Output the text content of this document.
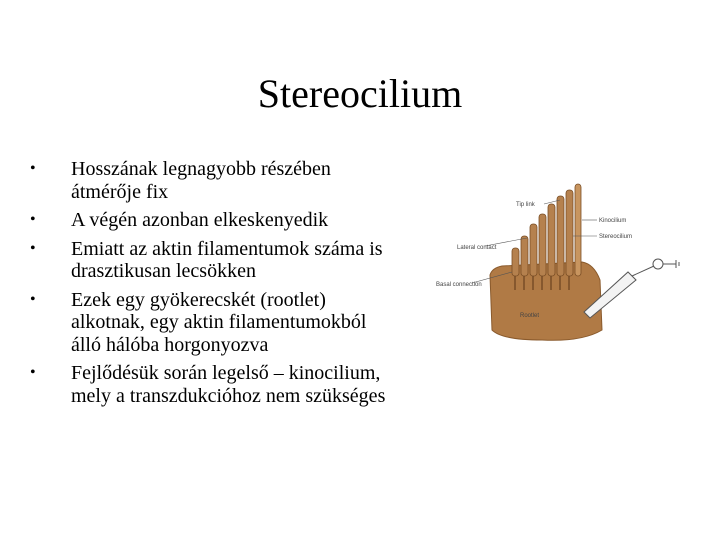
Stereocilium
• Hosszának legnagyobb részében átmérője fix
• A végén azonban elkeskenyedik
• Emiatt az aktin filamentumok száma is drasztikusan lecsökken
• Ezek egy gyökerecskét (rootlet) alkotnak, egy aktin filamentumokból álló hálóba horgonyozva
• Fejlődésük során legelső – kinocilium, mely a transzdukcióhoz nem szükséges
Tip link
Kinocilium
Stereocilium
Lateral contact
Basal connection
Rootlet
